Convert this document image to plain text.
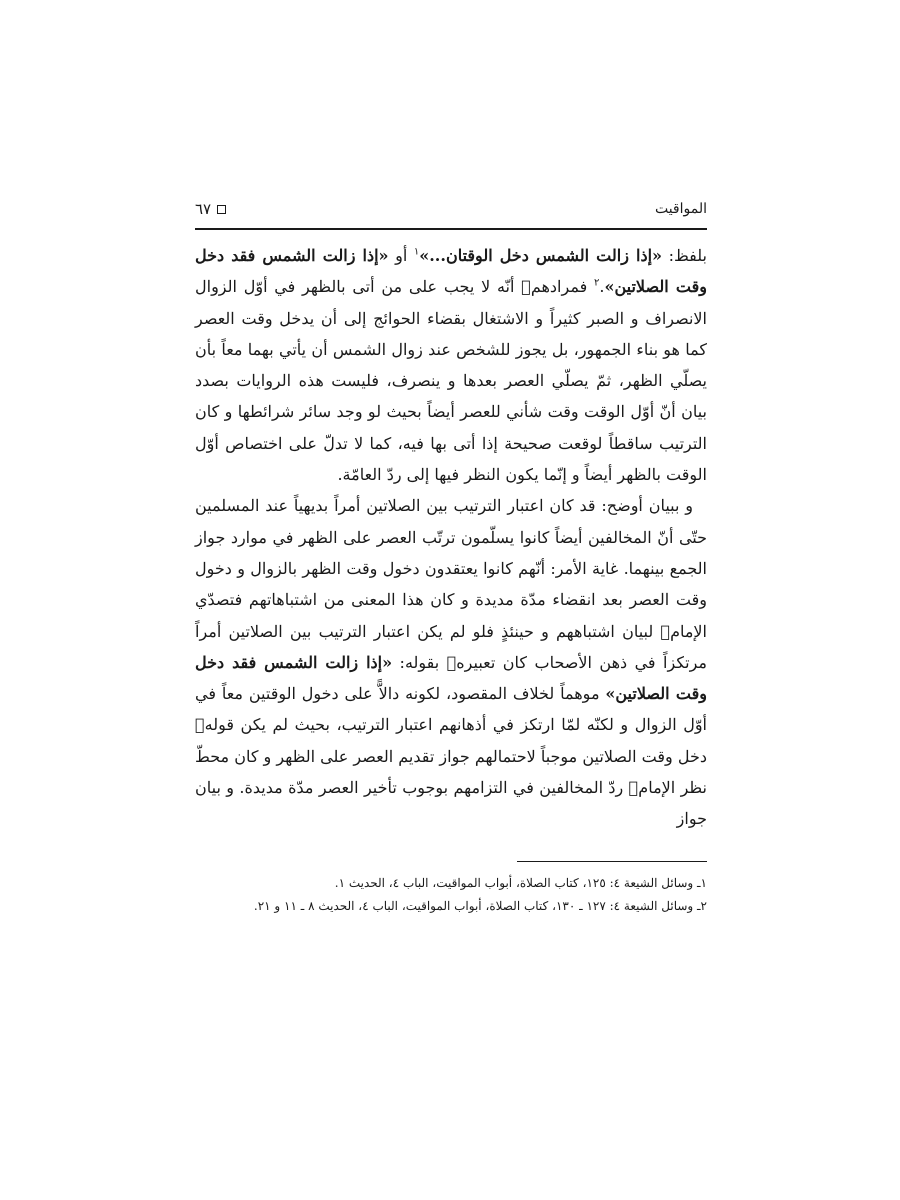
المواقيت
٦٧

بلفظ: «إذا زالت الشمس دخل الوقتان...»$^١$ أو «إذا زالت الشمس فقد دخل وقت الصلاتين».$^٢$ فمرادهم﷩ أنّه لا يجب على من أتى بالظهر في أوّل الزوال الانصراف و الصبر كثيراً و الاشتغال بقضاء الحوائج إلى أن يدخل وقت العصر كما هو بناء الجمهور، بل يجوز للشخص عند زوال الشمس أن يأتي بهما معاً بأن يصلّي الظهر، ثمّ يصلّي العصر بعدها و ينصرف، فليست هذه الروايات بصدد بيان أنّ أوّل الوقت وقت شأني للعصر أيضاً بحيث لو وجد سائر شرائطها و كان الترتيب ساقطاً لوقعت صحيحة إذا أتى بها فيه، كما لا تدلّ على اختصاص أوّل الوقت بالظهر أيضاً و إنّما يكون النظر فيها إلى ردّ العامّة.

و ببيان أوضح: قد كان اعتبار الترتيب بين الصلاتين أمراً بديهياً عند المسلمين حتّى أنّ المخالفين أيضاً كانوا يسلّمون ترتّب العصر على الظهر في موارد جواز الجمع بينهما. غاية الأمر: أنّهم كانوا يعتقدون دخول وقت الظهر بالزوال و دخول وقت العصر بعد انقضاء مدّة مديدة و كان هذا المعنى من اشتباهاتهم فتصدّي الإمام﷩ لبيان اشتباههم و حينئذٍ فلو لم يكن اعتبار الترتيب بين الصلاتين أمراً مرتكزاً في ذهن الأصحاب كان تعبيره﷩ بقوله: «إذا زالت الشمس فقد دخل وقت الصلاتين» موهماً لخلاف المقصود، لكونه دالاًّ على دخول الوقتين معاً في أوّل الزوال و لكنّه لمّا ارتكز في أذهانهم اعتبار الترتيب، بحيث لم يكن قوله﷩ دخل وقت الصلاتين موجباً لاحتمالهم جواز تقديم العصر على الظهر و كان محطّ نظر الإمام﷩ ردّ المخالفين في التزامهم بوجوب تأخير العصر مدّة مديدة. و بيان جواز

١ـ وسائل الشيعة ٤: ١٢٥، كتاب الصلاة، أبواب المواقيت، الباب ٤، الحديث ١.

٢ـ وسائل الشيعة ٤: ١٢٧ ـ ١٣٠، كتاب الصلاة، أبواب المواقيت، الباب ٤، الحديث ٨ ـ ١١ و ٢١.
